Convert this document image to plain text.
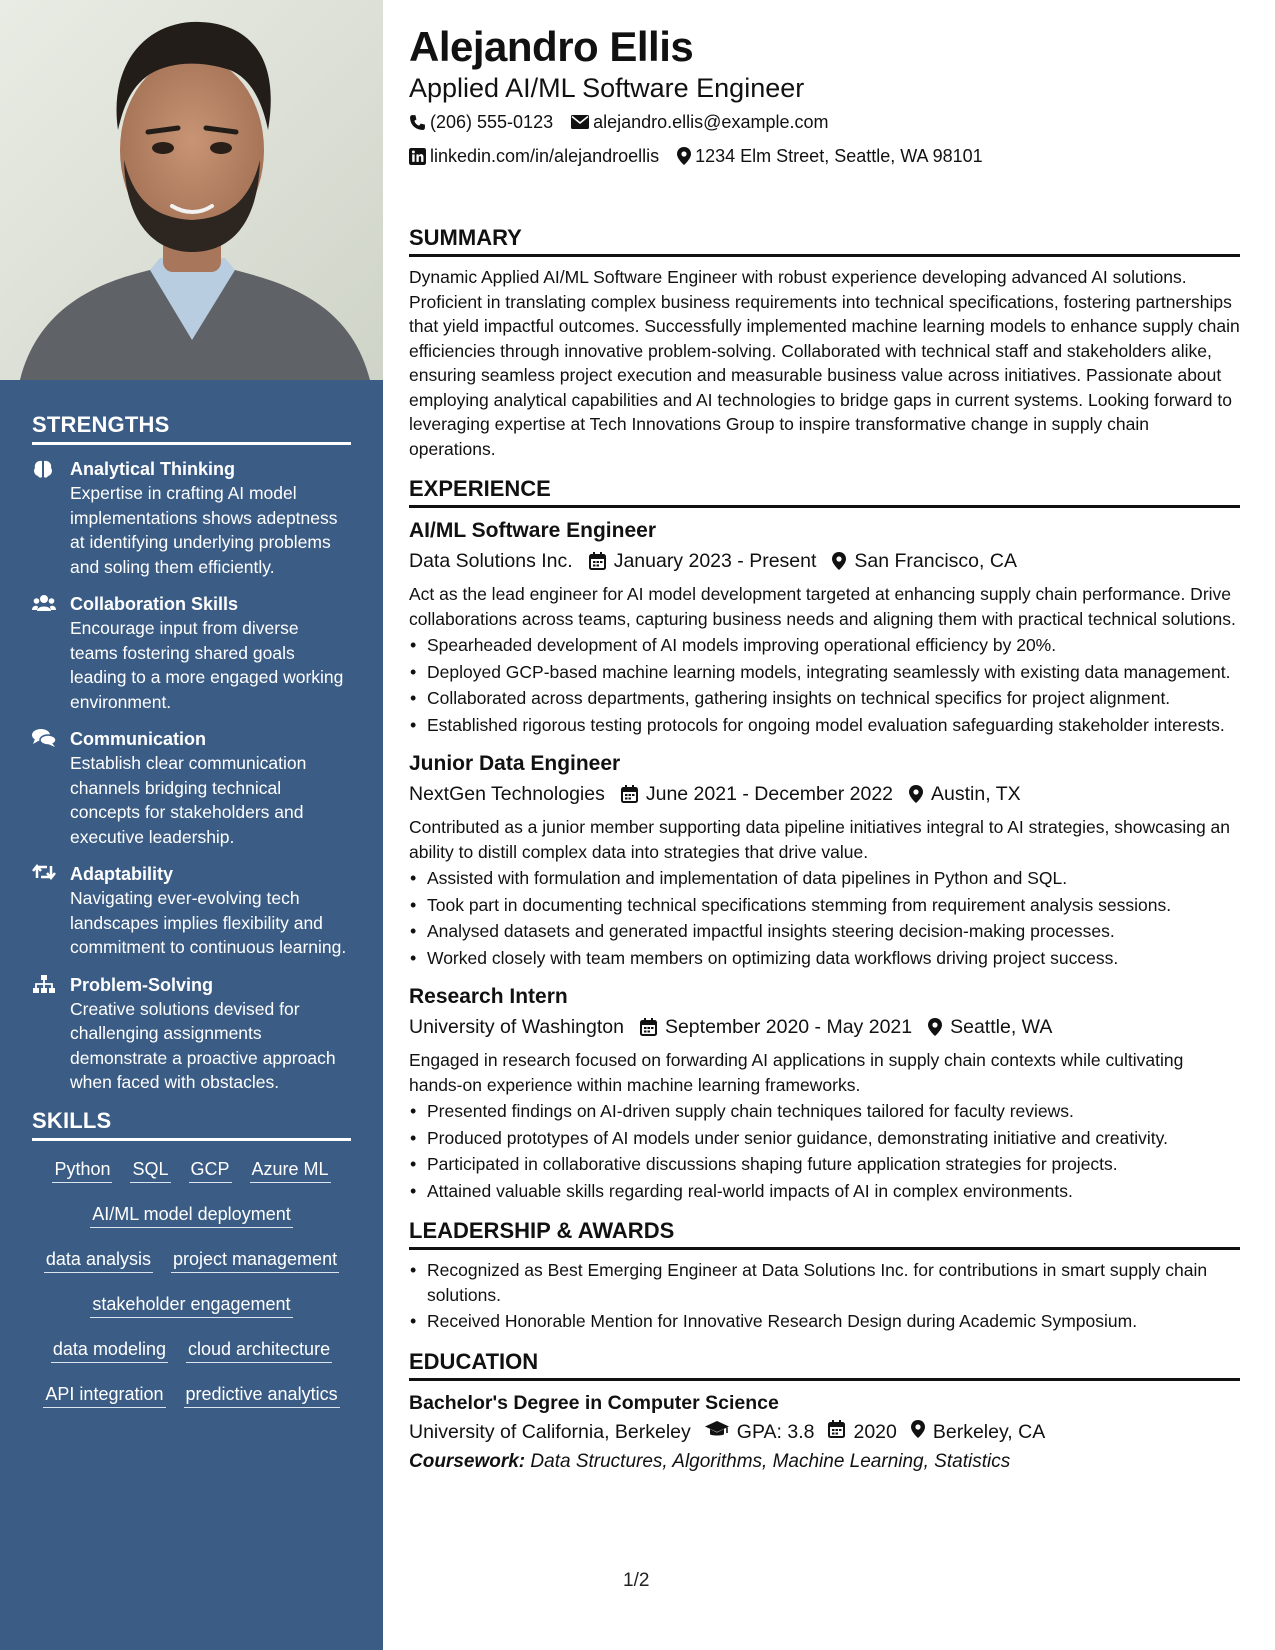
STRENGTHS
Analytical Thinking
Expertise in crafting AI model implementations shows adeptness at identifying underlying problems and soling them efficiently.
Collaboration Skills
Encourage input from diverse teams fostering shared goals leading to a more engaged working environment.
Communication
Establish clear communication channels bridging technical concepts for stakeholders and executive leadership.
Adaptability
Navigating ever-evolving tech landscapes implies flexibility and commitment to continuous learning.
Problem-Solving
Creative solutions devised for challenging assignments demonstrate a proactive approach when faced with obstacles.
SKILLS
Python SQL GCP Azure ML
AI/ML model deployment
data analysis project management
stakeholder engagement
data modeling cloud architecture
API integration predictive analytics
Alejandro Ellis
Applied AI/ML Software Engineer
(206) 555-0123 alejandro.ellis@example.com
linkedin.com/in/alejandroellis 1234 Elm Street, Seattle, WA 98101
SUMMARY
Dynamic Applied AI/ML Software Engineer with robust experience developing advanced AI solutions. Proficient in translating complex business requirements into technical specifications, fostering partnerships that yield impactful outcomes. Successfully implemented machine learning models to enhance supply chain efficiencies through innovative problem-solving. Collaborated with technical staff and stakeholders alike, ensuring seamless project execution and measurable business value across initiatives. Passionate about employing analytical capabilities and AI technologies to bridge gaps in current systems. Looking forward to leveraging expertise at Tech Innovations Group to inspire transformative change in supply chain operations.
EXPERIENCE
AI/ML Software Engineer
Data Solutions Inc. January 2023 - Present San Francisco, CA
Act as the lead engineer for AI model development targeted at enhancing supply chain performance. Drive collaborations across teams, capturing business needs and aligning them with practical technical solutions.
• Spearheaded development of AI models improving operational efficiency by 20%.
• Deployed GCP-based machine learning models, integrating seamlessly with existing data management.
• Collaborated across departments, gathering insights on technical specifics for project alignment.
• Established rigorous testing protocols for ongoing model evaluation safeguarding stakeholder interests.
Junior Data Engineer
NextGen Technologies June 2021 - December 2022 Austin, TX
Contributed as a junior member supporting data pipeline initiatives integral to AI strategies, showcasing an ability to distill complex data into strategies that drive value.
• Assisted with formulation and implementation of data pipelines in Python and SQL.
• Took part in documenting technical specifications stemming from requirement analysis sessions.
• Analysed datasets and generated impactful insights steering decision-making processes.
• Worked closely with team members on optimizing data workflows driving project success.
Research Intern
University of Washington September 2020 - May 2021 Seattle, WA
Engaged in research focused on forwarding AI applications in supply chain contexts while cultivating hands-on experience within machine learning frameworks.
• Presented findings on AI-driven supply chain techniques tailored for faculty reviews.
• Produced prototypes of AI models under senior guidance, demonstrating initiative and creativity.
• Participated in collaborative discussions shaping future application strategies for projects.
• Attained valuable skills regarding real-world impacts of AI in complex environments.
LEADERSHIP & AWARDS
• Recognized as Best Emerging Engineer at Data Solutions Inc. for contributions in smart supply chain solutions.
• Received Honorable Mention for Innovative Research Design during Academic Symposium.
EDUCATION
Bachelor's Degree in Computer Science
University of California, Berkeley GPA: 3.8 2020 Berkeley, CA
Coursework: Data Structures, Algorithms, Machine Learning, Statistics
1/2
